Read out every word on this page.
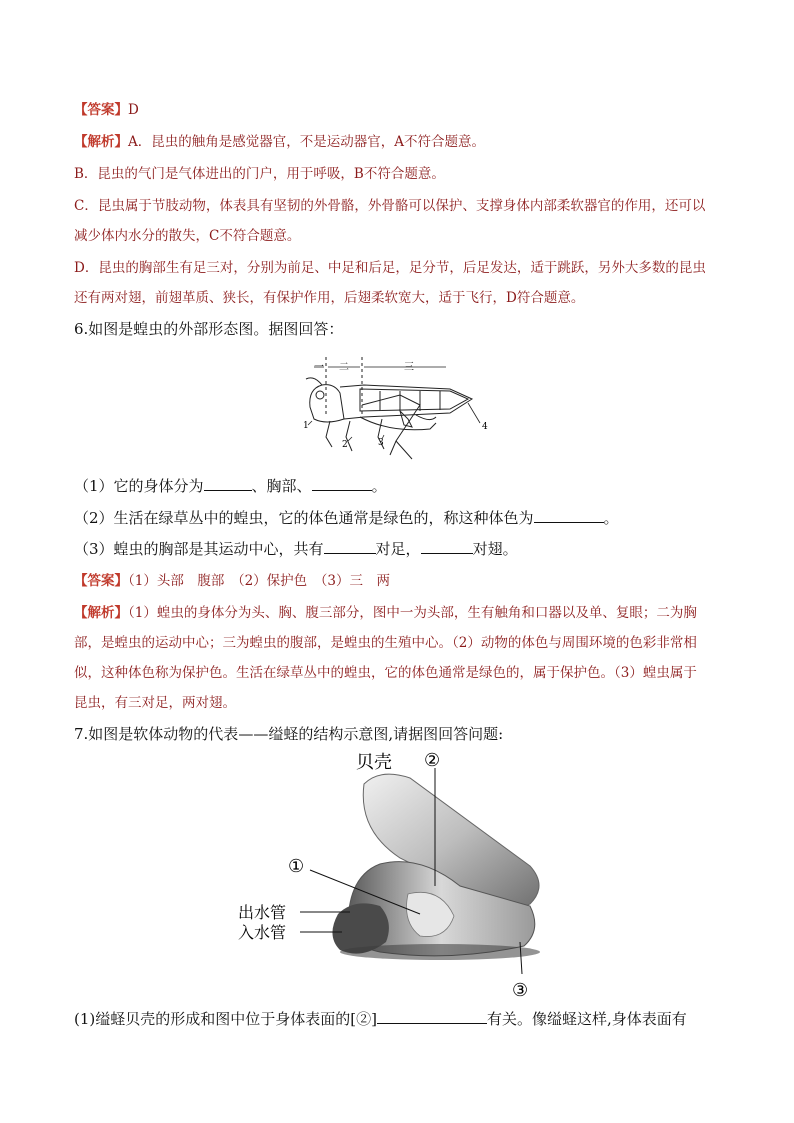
【答案】D
【解析】A．昆虫的触角是感觉器官，不是运动器官，A不符合题意。
B．昆虫的气门是气体进出的门户，用于呼吸，B不符合题意。
C．昆虫属于节肢动物，体表具有坚韧的外骨骼，外骨骼可以保护、支撑身体内部柔软器官的作用，还可以
减少体内水分的散失，C不符合题意。
D．昆虫的胸部生有足三对，分别为前足、中足和后足，足分节，后足发达，适于跳跃，另外大多数的昆虫
还有两对翅，前翅革质、狭长，有保护作用，后翅柔软宽大，适于飞行，D符合题意。
6.如图是蝗虫的外部形态图。据图回答：
一 二	三
1
2	3
4
（1）它的身体分为	、胸部、	。
（2）生活在绿草丛中的蝗虫，它的体色通常是绿色的，称这种体色为	。
（3）蝗虫的胸部是其运动中心，共有	对足，	对翅。
【答案】（1）头部　腹部　（2）保护色　（3）三　两
【解析】（1）蝗虫的身体分为头、胸、腹三部分，图中一为头部，生有触角和口器以及单、复眼；二为胸
部，是蝗虫的运动中心；三为蝗虫的腹部，是蝗虫的生殖中心。（2）动物的体色与周围环境的色彩非常相
似，这种体色称为保护色。生活在绿草丛中的蝗虫，它的体色通常是绿色的，属于保护色。（3）蝗虫属于
昆虫，有三对足，两对翅。
7.如图是软体动物的代表——缢蛏的结构示意图,请据图回答问题:
贝壳 ②
①
出水管
入水管
③
(1)缢蛏贝壳的形成和图中位于身体表面的[②]	有关。像缢蛏这样,身体表面有
